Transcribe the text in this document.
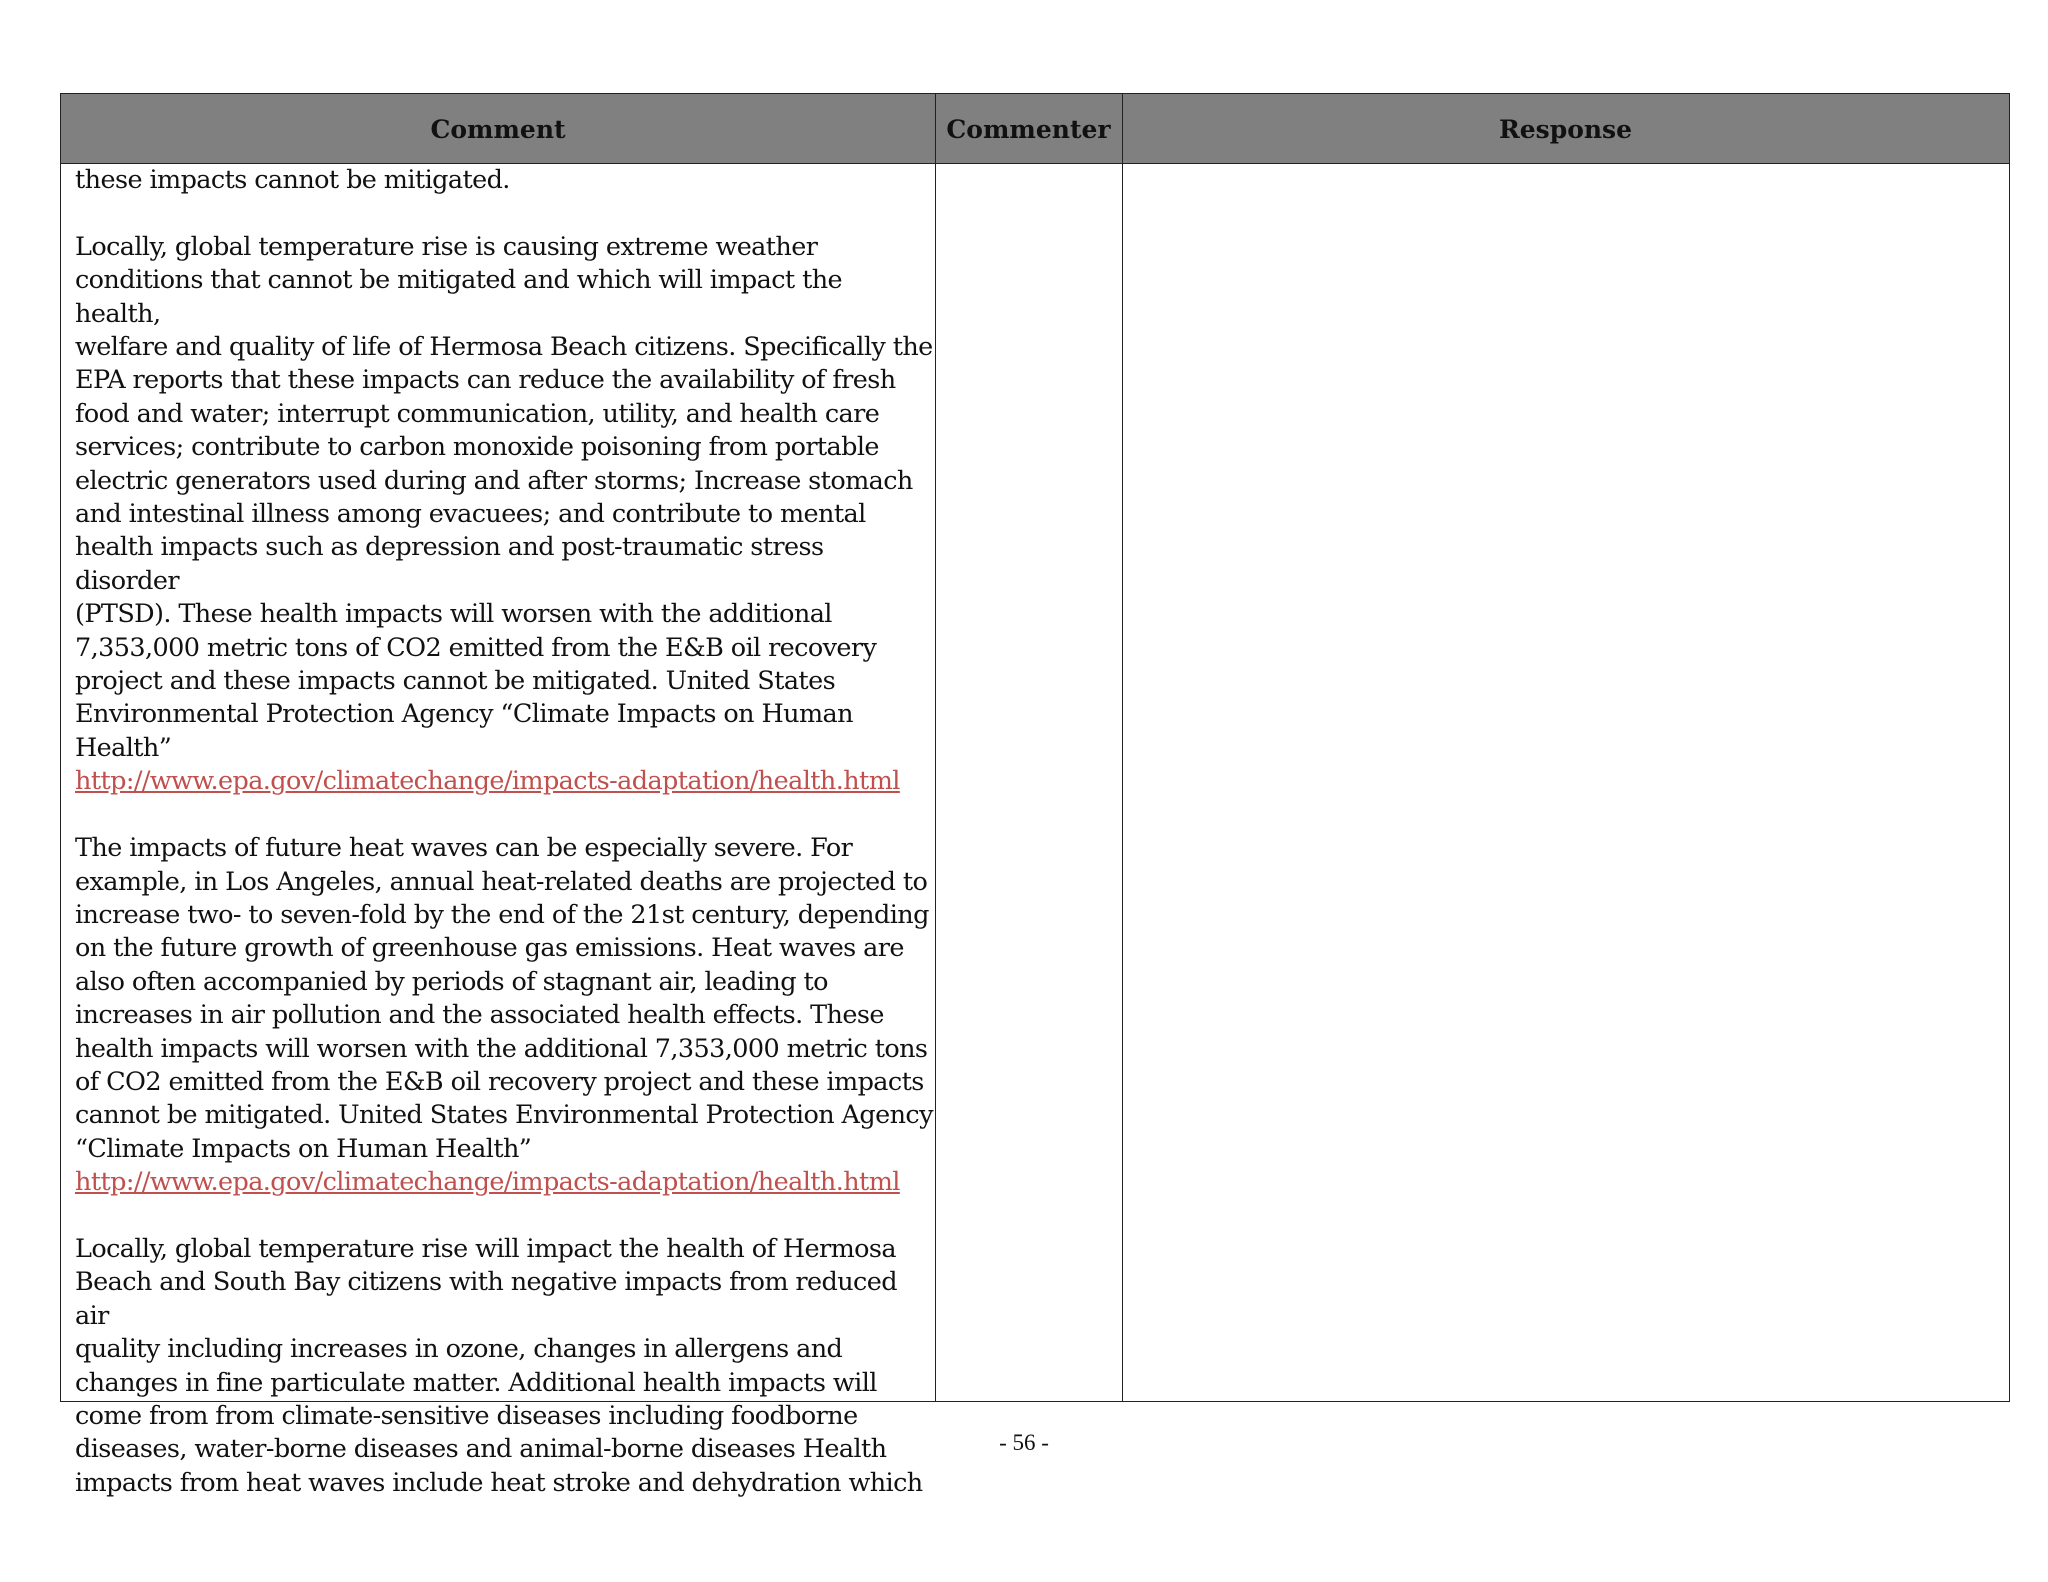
Comment	Commenter	Response

these impacts cannot be mitigated.

Locally, global temperature rise is causing extreme weather
conditions that cannot be mitigated and which will impact the health,
welfare and quality of life of Hermosa Beach citizens. Specifically the
EPA reports that these impacts can reduce the availability of fresh
food and water; interrupt communication, utility, and health care
services; contribute to carbon monoxide poisoning from portable
electric generators used during and after storms; Increase stomach
and intestinal illness among evacuees; and contribute to mental
health impacts such as depression and post-traumatic stress disorder
(PTSD). These health impacts will worsen with the additional
7,353,000 metric tons of CO2 emitted from the E&B oil recovery
project and these impacts cannot be mitigated. United States
Environmental Protection Agency “Climate Impacts on Human
Health”
http://www.epa.gov/climatechange/impacts-adaptation/health.html

The impacts of future heat waves can be especially severe. For
example, in Los Angeles, annual heat-related deaths are projected to
increase two- to seven-fold by the end of the 21st century, depending
on the future growth of greenhouse gas emissions. Heat waves are
also often accompanied by periods of stagnant air, leading to
increases in air pollution and the associated health effects. These
health impacts will worsen with the additional 7,353,000 metric tons
of CO2 emitted from the E&B oil recovery project and these impacts
cannot be mitigated. United States Environmental Protection Agency
“Climate Impacts on Human Health”
http://www.epa.gov/climatechange/impacts-adaptation/health.html

Locally, global temperature rise will impact the health of Hermosa
Beach and South Bay citizens with negative impacts from reduced air
quality including increases in ozone, changes in allergens and
changes in fine particulate matter. Additional health impacts will
come from from climate-sensitive diseases including foodborne
diseases, water-borne diseases and animal-borne diseases Health
impacts from heat waves include heat stroke and dehydration which

- 56 -
